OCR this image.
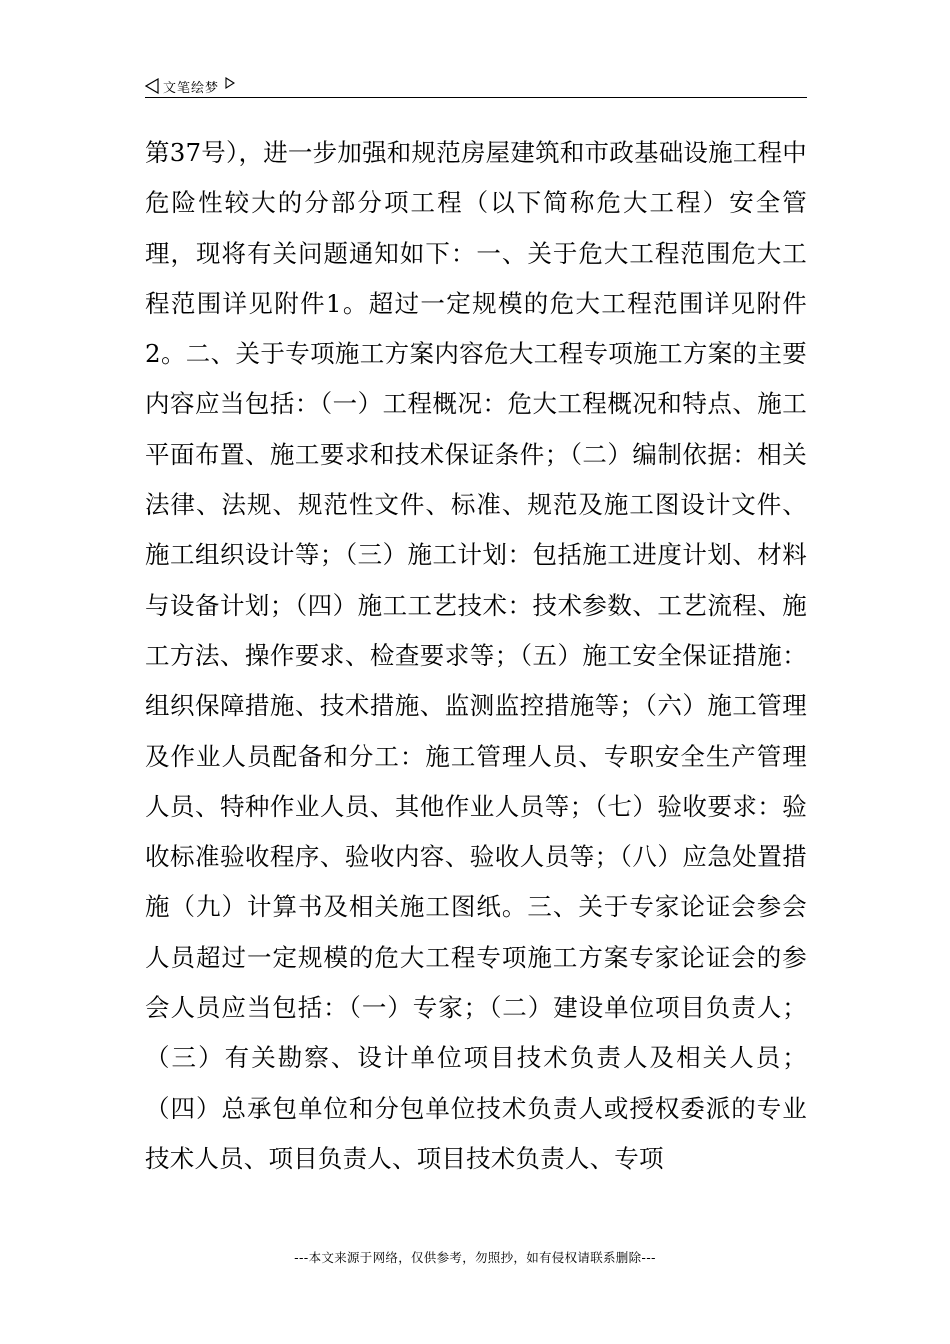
文笔绘梦

第37号），进一步加强和规范房屋建筑和市政基础设施工程中危险性较大的分部分项工程（以下简称危大工程）安全管理，现将有关问题通知如下：一、关于危大工程范围危大工程范围详见附件1。超过一定规模的危大工程范围详见附件2。二、关于专项施工方案内容危大工程专项施工方案的主要内容应当包括：（一）工程概况：危大工程概况和特点、施工平面布置、施工要求和技术保证条件；（二）编制依据：相关法律、法规、规范性文件、标准、规范及施工图设计文件、施工组织设计等；（三）施工计划：包括施工进度计划、材料与设备计划；（四）施工工艺技术：技术参数、工艺流程、施工方法、操作要求、检查要求等；（五）施工安全保证措施：组织保障措施、技术措施、监测监控措施等；（六）施工管理及作业人员配备和分工：施工管理人员、专职安全生产管理人员、特种作业人员、其他作业人员等；（七）验收要求：验收标准验收程序、验收内容、验收人员等；（八）应急处置措施（九）计算书及相关施工图纸。三、关于专家论证会参会人员超过一定规模的危大工程专项施工方案专家论证会的参会人员应当包括：（一）专家；（二）建设单位项目负责人；（三）有关勘察、设计单位项目技术负责人及相关人员；（四）总承包单位和分包单位技术负责人或授权委派的专业技术人员、项目负责人、项目技术负责人、专项

---本文来源于网络，仅供参考，勿照抄，如有侵权请联系删除---
